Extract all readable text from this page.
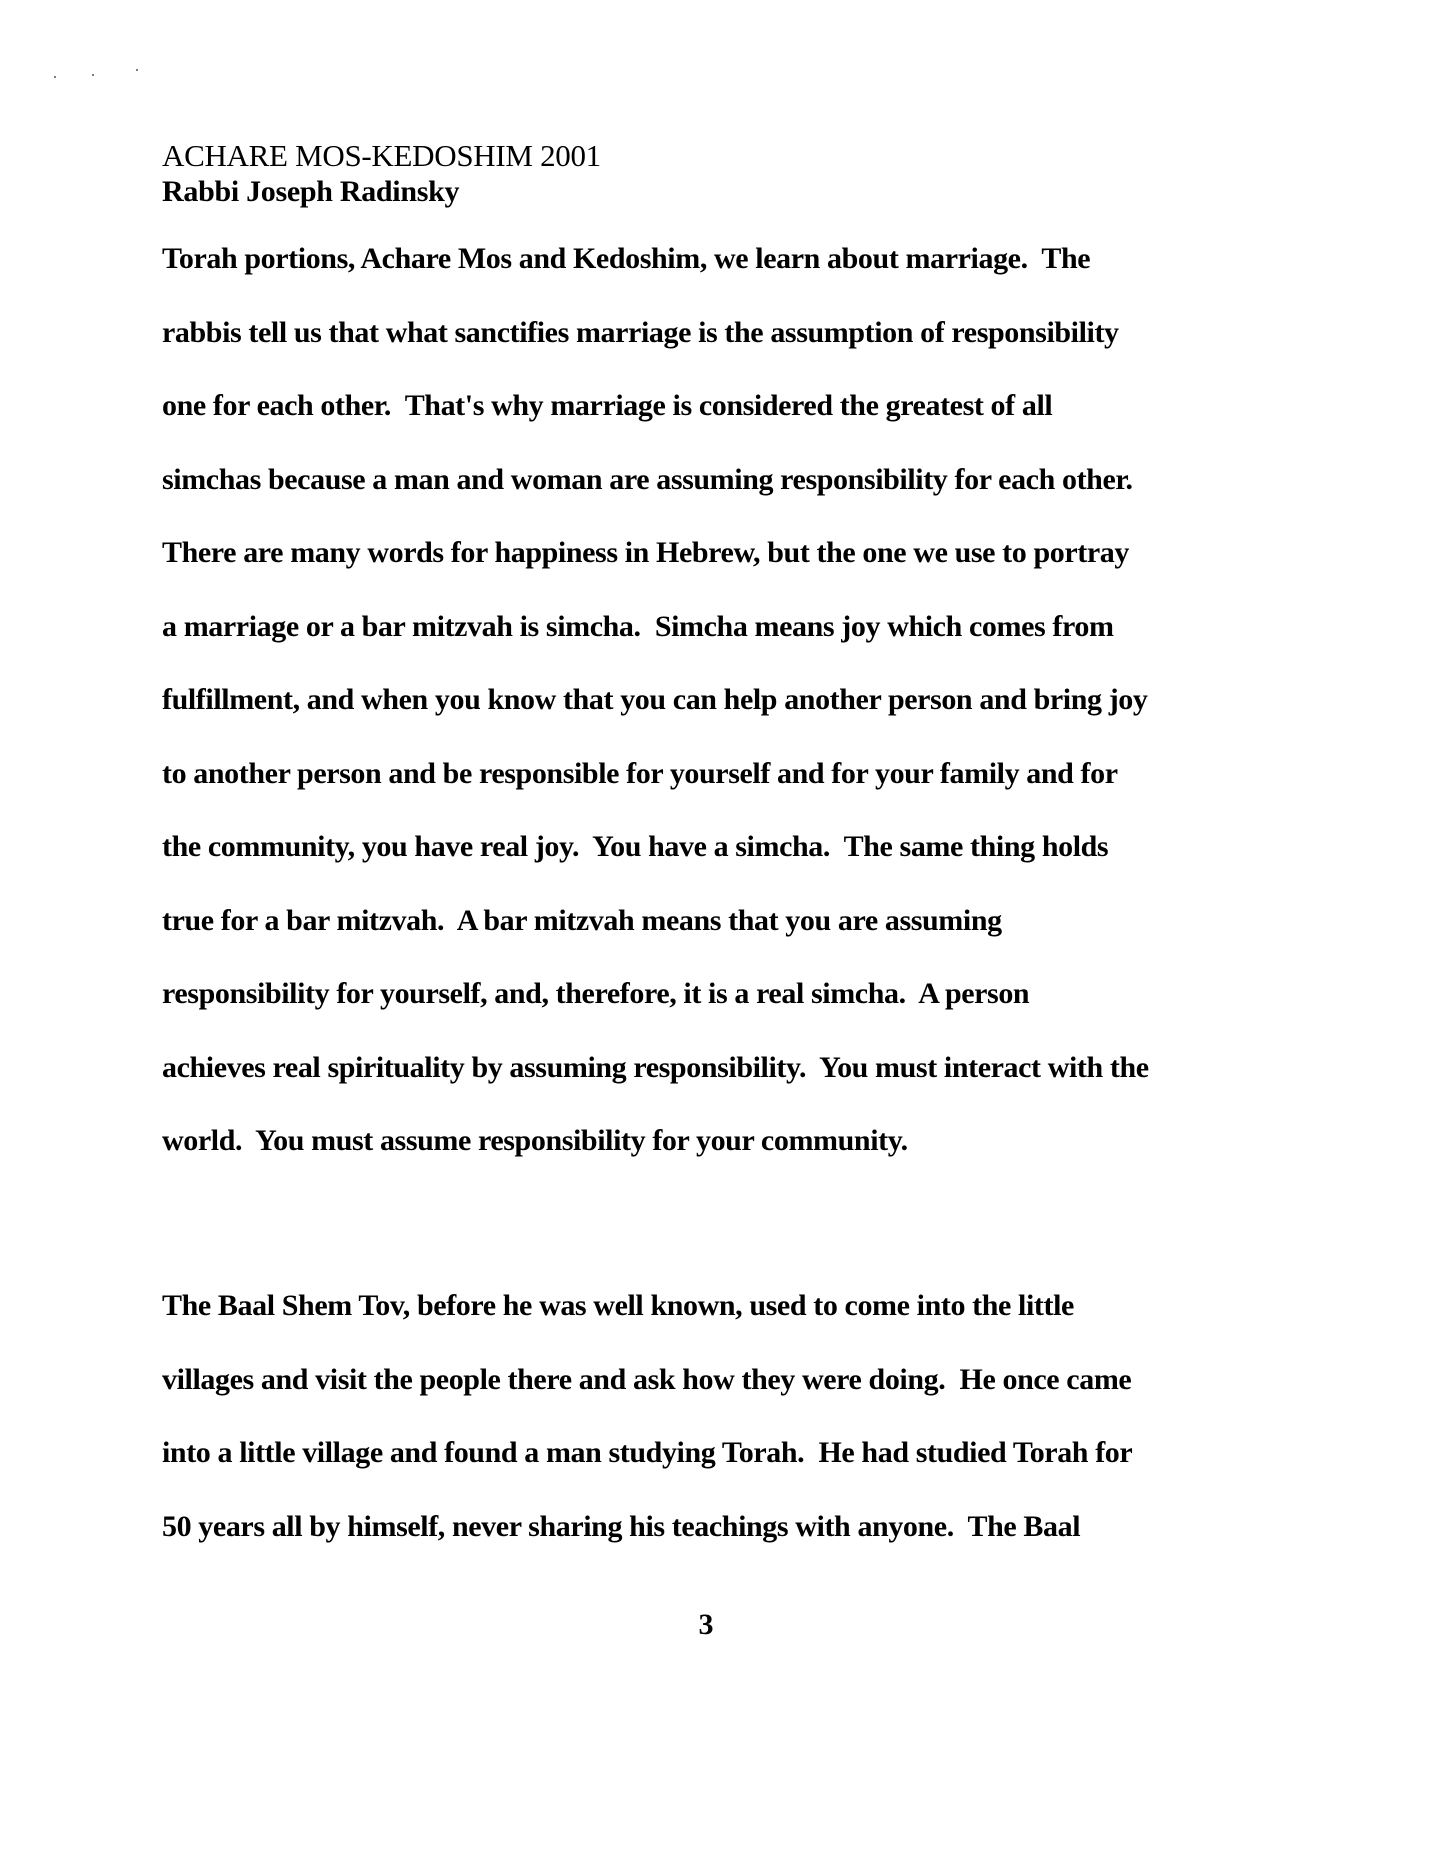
ACHARE MOS-KEDOSHIM 2001
Rabbi Joseph Radinsky
Torah portions, Achare Mos and Kedoshim, we learn about marriage.  The
rabbis tell us that what sanctifies marriage is the assumption of responsibility
one for each other.  That's why marriage is considered the greatest of all
simchas because a man and woman are assuming responsibility for each other.
There are many words for happiness in Hebrew, but the one we use to portray
a marriage or a bar mitzvah is simcha.  Simcha means joy which comes from
fulfillment, and when you know that you can help another person and bring joy
to another person and be responsible for yourself and for your family and for
the community, you have real joy.  You have a simcha.  The same thing holds
true for a bar mitzvah.  A bar mitzvah means that you are assuming
responsibility for yourself, and, therefore, it is a real simcha.  A person
achieves real spirituality by assuming responsibility.  You must interact with the
world.  You must assume responsibility for your community.
The Baal Shem Tov, before he was well known, used to come into the little
villages and visit the people there and ask how they were doing.  He once came
into a little village and found a man studying Torah.  He had studied Torah for
50 years all by himself, never sharing his teachings with anyone.  The Baal
3
